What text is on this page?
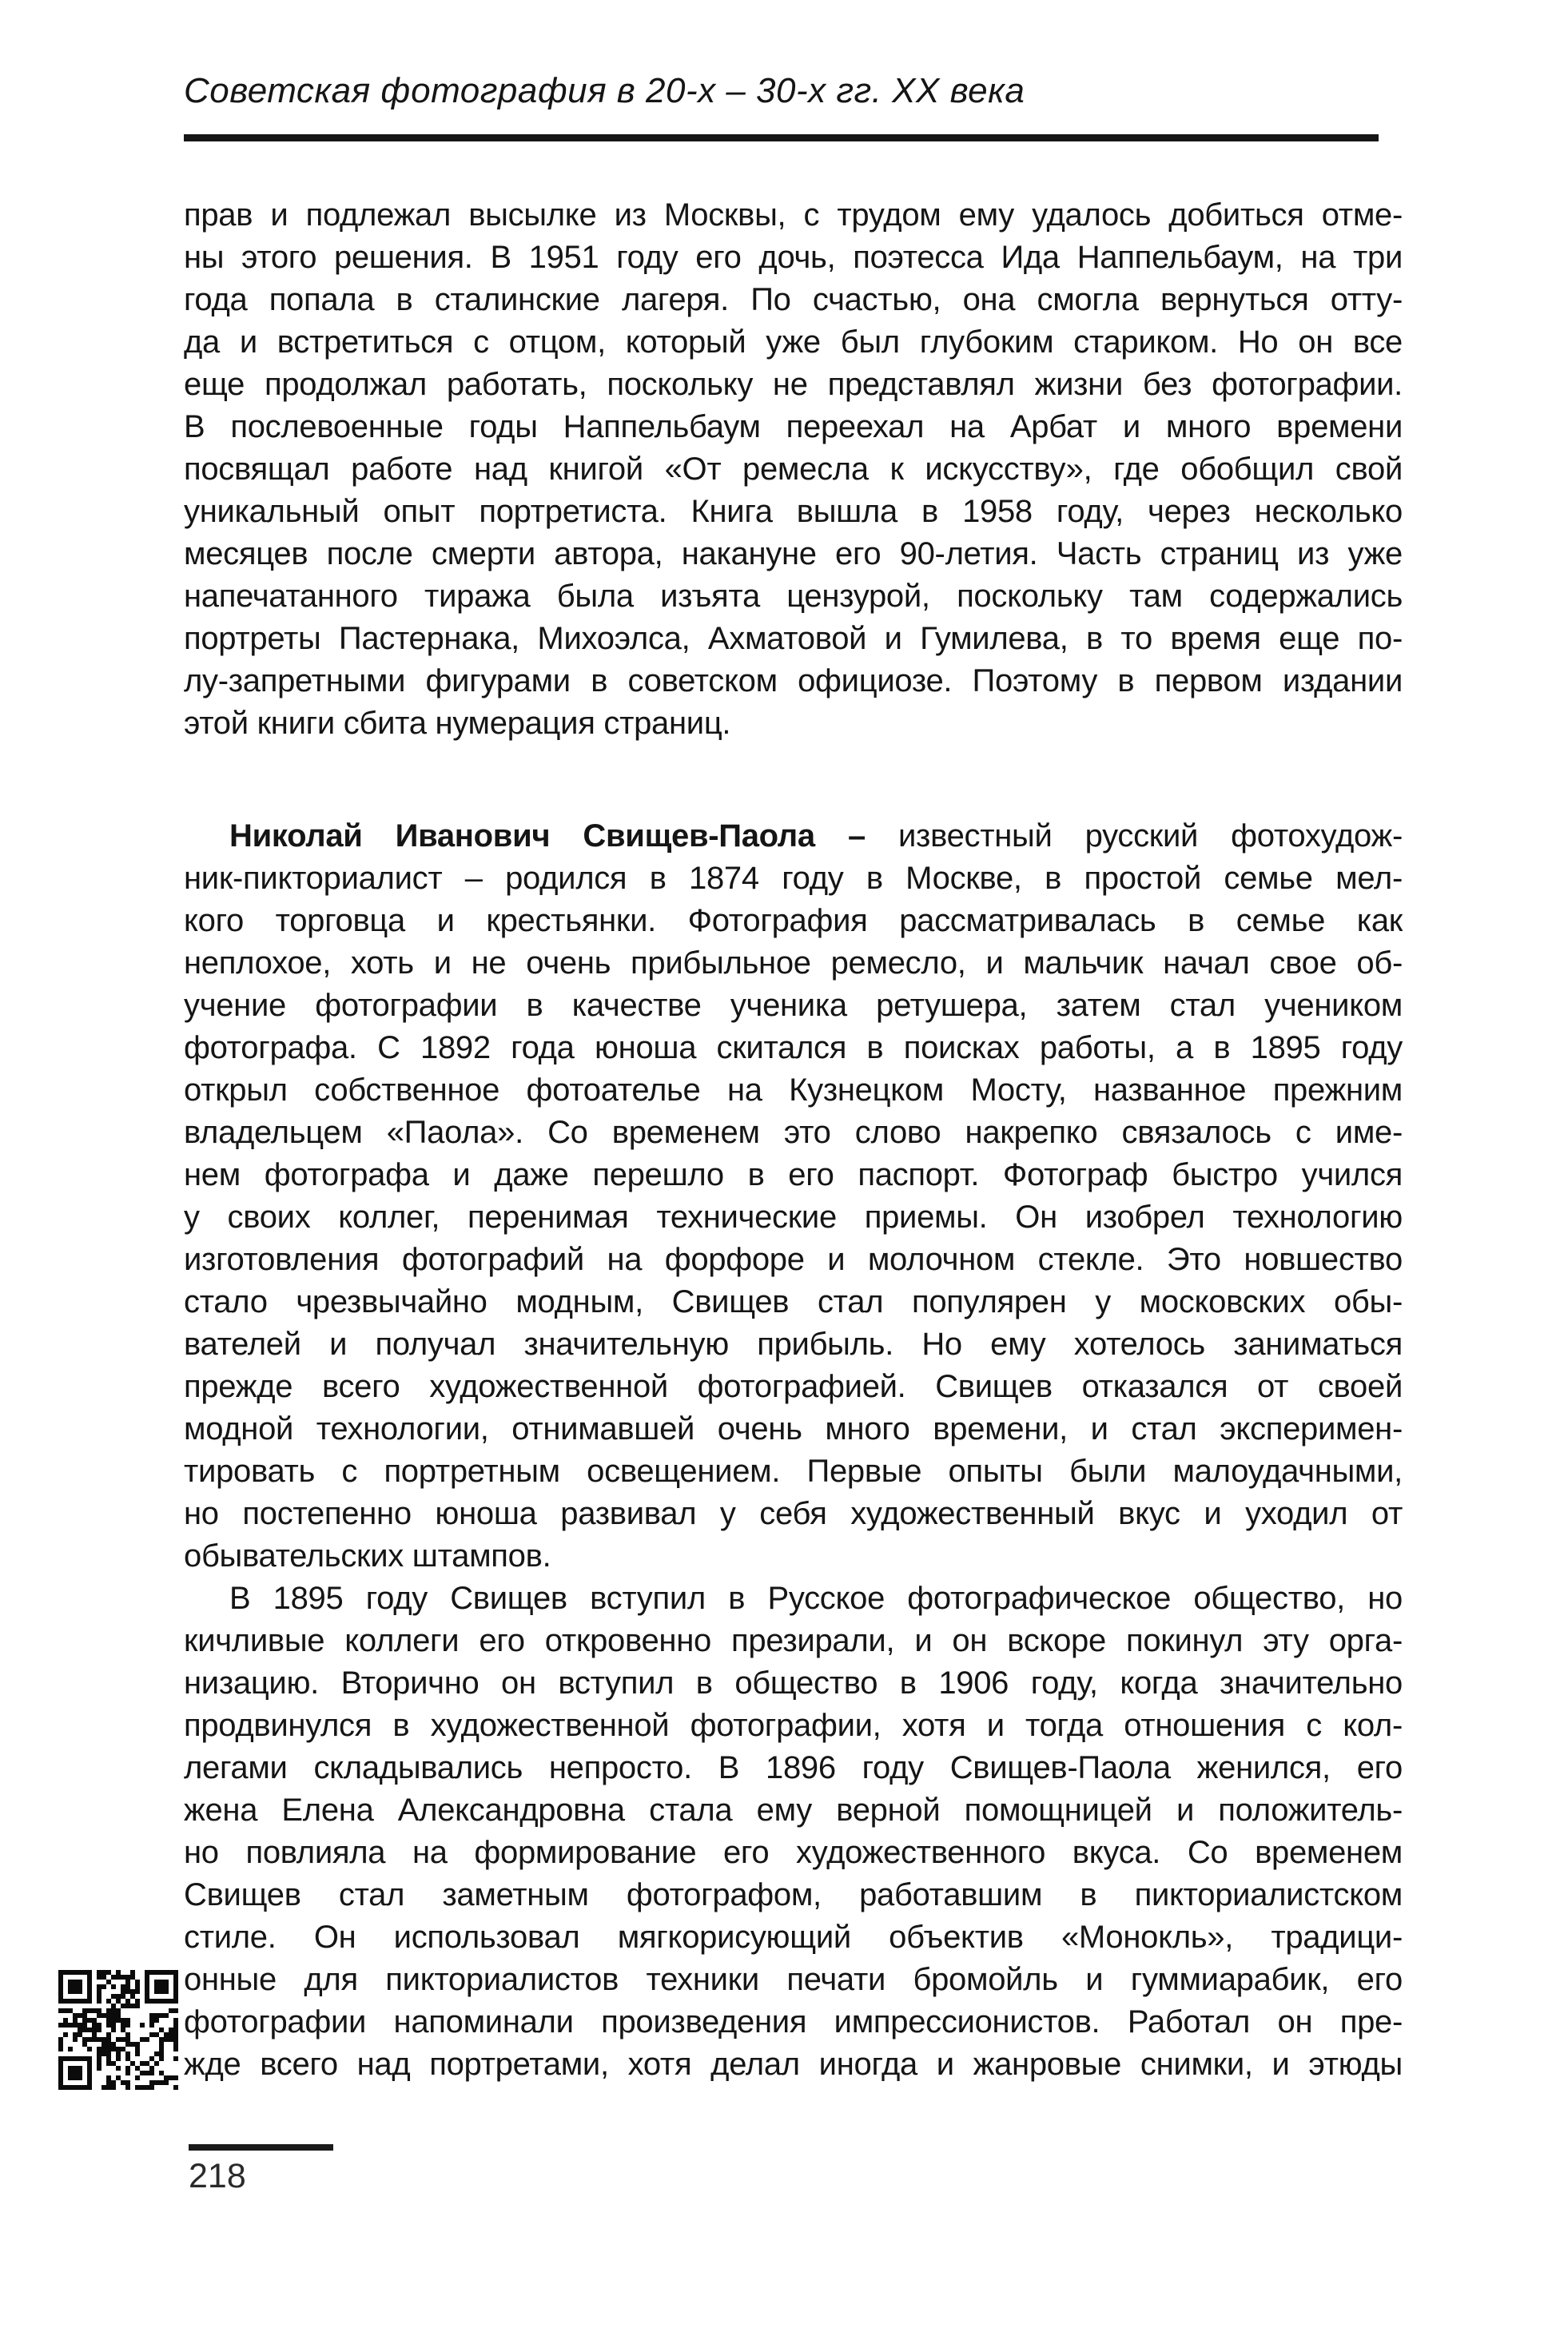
Советская фотография в 20-х – 30-х гг. XX века

прав и подлежал высылке из Москвы, с трудом ему удалось добиться отме-
ны этого решения. В 1951 году его дочь, поэтесса Ида Наппельбаум, на три
года попала в сталинские лагеря. По счастью, она смогла вернуться отту-
да и встретиться с отцом, который уже был глубоким стариком. Но он все
еще продолжал работать, поскольку не представлял жизни без фотографии.
В послевоенные годы Наппельбаум переехал на Арбат и много времени
посвящал работе над книгой «От ремесла к искусству», где обобщил свой
уникальный опыт портретиста. Книга вышла в 1958 году, через несколько
месяцев после смерти автора, накануне его 90-летия. Часть страниц из уже
напечатанного тиража была изъята цензурой, поскольку там содержались
портреты Пастернака, Михоэлса, Ахматовой и Гумилева, в то время еще по-
лу-запретными фигурами в советском официозе. Поэтому в первом издании
этой книги сбита нумерация страниц.

Николай Иванович Свищев-Паола – известный русский фотохудож-
ник-пикториалист – родился в 1874 году в Москве, в простой семье мел-
кого торговца и крестьянки. Фотография рассматривалась в семье как
неплохое, хоть и не очень прибыльное ремесло, и мальчик начал свое об-
учение фотографии в качестве ученика ретушера, затем стал учеником
фотографа. С 1892 года юноша скитался в поисках работы, а в 1895 году
открыл собственное фотоателье на Кузнецком Мосту, названное прежним
владельцем «Паола». Со временем это слово накрепко связалось с име-
нем фотографа и даже перешло в его паспорт. Фотограф быстро учился
у своих коллег, перенимая технические приемы. Он изобрел технологию
изготовления фотографий на форфоре и молочном стекле. Это новшество
стало чрезвычайно модным, Свищев стал популярен у московских обы-
вателей и получал значительную прибыль. Но ему хотелось заниматься
прежде всего художественной фотографией. Свищев отказался от своей
модной технологии, отнимавшей очень много времени, и стал эксперимен-
тировать с портретным освещением. Первые опыты были малоудачными,
но постепенно юноша развивал у себя художественный вкус и уходил от
обывательских штампов.

В 1895 году Свищев вступил в Русское фотографическое общество, но
кичливые коллеги его откровенно презирали, и он вскоре покинул эту орга-
низацию. Вторично он вступил в общество в 1906 году, когда значительно
продвинулся в художественной фотографии, хотя и тогда отношения с кол-
легами складывались непросто. В 1896 году Свищев-Паола женился, его
жена Елена Александровна стала ему верной помощницей и положитель-
но повлияла на формирование его художественного вкуса. Со временем
Свищев стал заметным фотографом, работавшим в пикториалистском
стиле. Он использовал мягкорисующий объектив «Монокль», традици-
онные для пикториалистов техники печати бромойль и гуммиарабик, его
фотографии напоминали произведения импрессионистов. Работал он пре-
жде всего над портретами, хотя делал иногда и жанровые снимки, и этюды

218
